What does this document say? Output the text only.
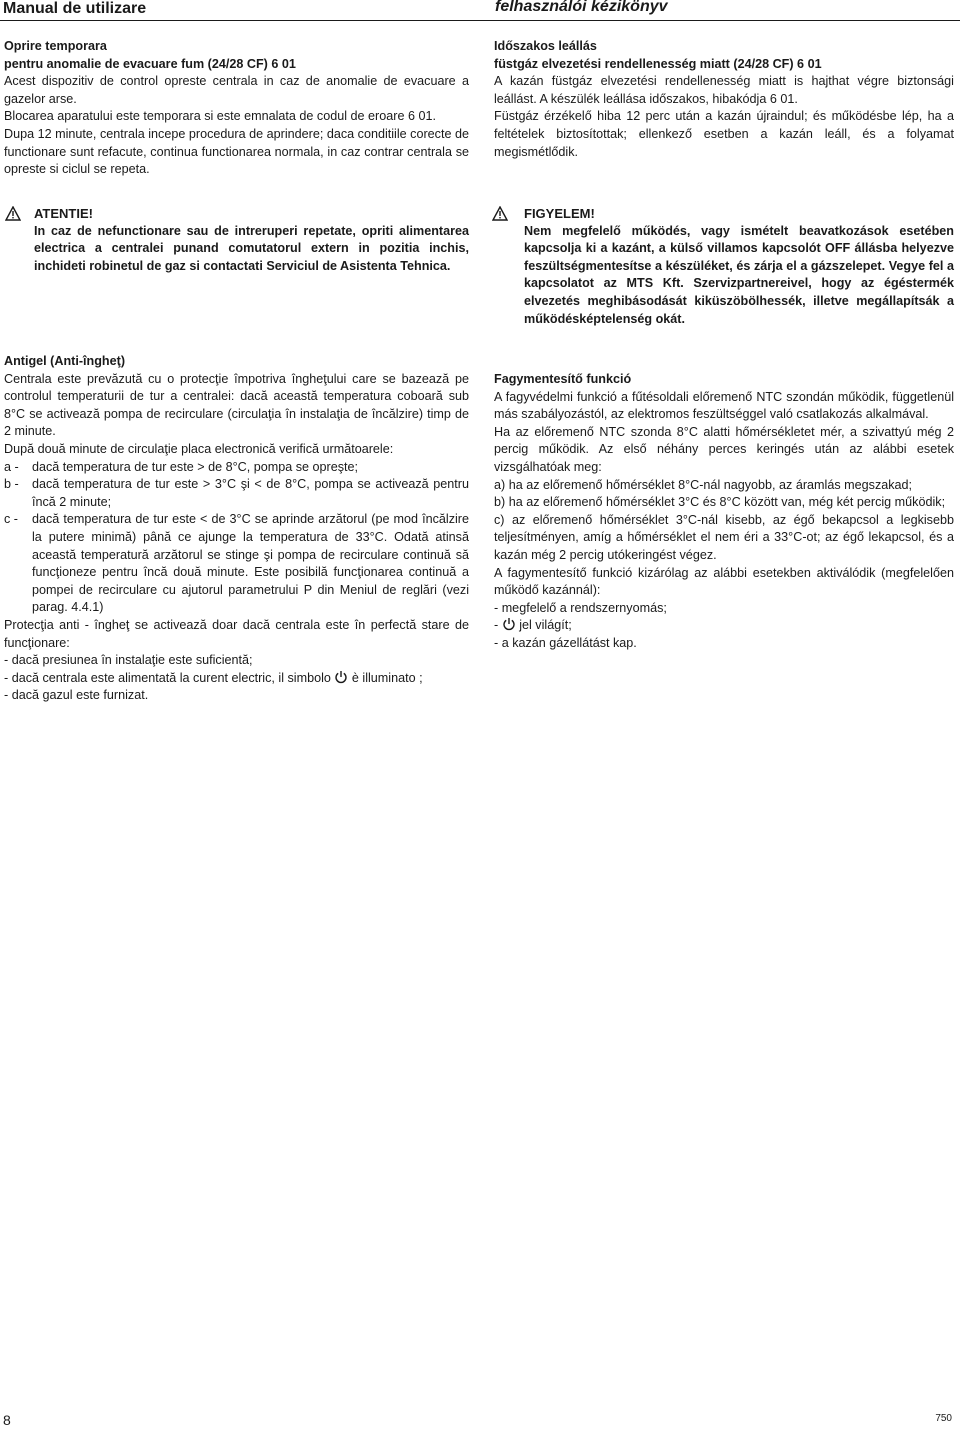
Manual de utilizare	felhasználói kézikönyv

Oprire temporara

pentru anomalie de evacuare fum (24/28 CF) 6 01

Acest dispozitiv de control opreste centrala in caz de anomalie de evacuare a gazelor arse.

Blocarea aparatului este temporara si este emnalata de codul de eroare 6 01.

Dupa 12 minute, centrala incepe procedura de aprindere; daca conditiile corecte de functionare sunt refacute, continua functionarea normala, in caz contrar centrala se opreste si ciclul se repeta.

ATENTIE!

In caz de nefunctionare sau de intreruperi repetate, opriti alimentarea electrica a centralei punand comutatorul extern in pozitia inchis, inchideti robinetul de gaz si contactati Serviciul de Asistenta Tehnica.

Antigel (Anti-îngheţ)

Centrala este prevăzută cu o protecţie împotriva îngheţului care se bazează pe controlul temperaturii de tur a centralei: dacă această temperatura coboară sub 8°C se activează pompa de recirculare (circulaţia în instalaţia de încălzire) timp de 2 minute.

După două minute de circulaţie placa electronică verifică următoarele:

a - dacă temperatura de tur este > de 8°C, pompa se opreşte;
b - dacă temperatura de tur este > 3°C şi < de 8°C, pompa se activează pentru încă 2 minute;
c - dacă temperatura de tur este < de 3°C se aprinde arzătorul (pe mod încălzire la putere minimă) până ce ajunge la temperatura de 33°C. Odată atinsă această temperatură arzătorul se stinge şi pompa de recirculare continuă să funcţioneze pentru încă două minute. Este posibilă funcţionarea continuă a pompei de recirculare cu ajutorul parametrului P din Meniul de reglări (vezi parag. 4.4.1)

Protecţia anti - îngheţ se activează doar dacă centrala este în perfectă stare de funcţionare:

- dacă presiunea în instalaţie este suficientă;

- dacă centrala este alimentată la curent electric, il simbolo è illuminato ;

- dacă gazul este furnizat.

Időszakos leállás

füstgáz elvezetési rendellenesség miatt (24/28 CF) 6 01

A kazán füstgáz elvezetési rendellenesség miatt is hajthat végre biztonsági leállást. A készülék leállása időszakos, hibakódja 6 01.

Füstgáz érzékelő hiba 12 perc után a kazán újraindul; és működésbe lép, ha a feltételek biztosítottak; ellenkező esetben a kazán leáll, és a folyamat megismétlődik.

FIGYELEM!

Nem megfelelő működés, vagy ismételt beavatkozások esetében kapcsolja ki a kazánt, a külső villamos kapcsolót OFF állásba helyezve feszültségmentesítse a készüléket, és zárja el a gázszelepet. Vegye fel a kapcsolatot az MTS Kft. Szervizpartnereivel, hogy az égéstermék elvezetés meghibásodását kiküszöbölhessék, illetve megállapítsák a működésképtelenség okát.

Fagymentesítő funkció

A fagyvédelmi funkció a fűtésoldali előremenő NTC szondán működik, függetlenül más szabályozástól, az elektromos feszültséggel való csatlakozás alkalmával.

Ha az előremenő NTC szonda 8°C alatti hőmérsékletet mér, a szivattyú még 2 percig működik. Az első néhány perces keringés után az alábbi esetek vizsgálhatóak meg:

a) ha az előremenő hőmérséklet 8°C-nál nagyobb, az áramlás megszakad;

b) ha az előremenő hőmérséklet 3°C és 8°C között van, még két percig működik;

c) az előremenő hőmérséklet 3°C-nál kisebb, az égő bekapcsol a legkisebb teljesítményen, amíg a hőmérséklet el nem éri a 33°C-ot; az égő lekapcsol, és a kazán még 2 percig utókeringést végez.

A fagymentesítő funkció kizárólag az alábbi esetekben aktiválódik (megfelelően működő kazánnál):

- megfelelő a rendszernyomás;

- jel világít;

- a kazán gázellátást kap.

8	750
